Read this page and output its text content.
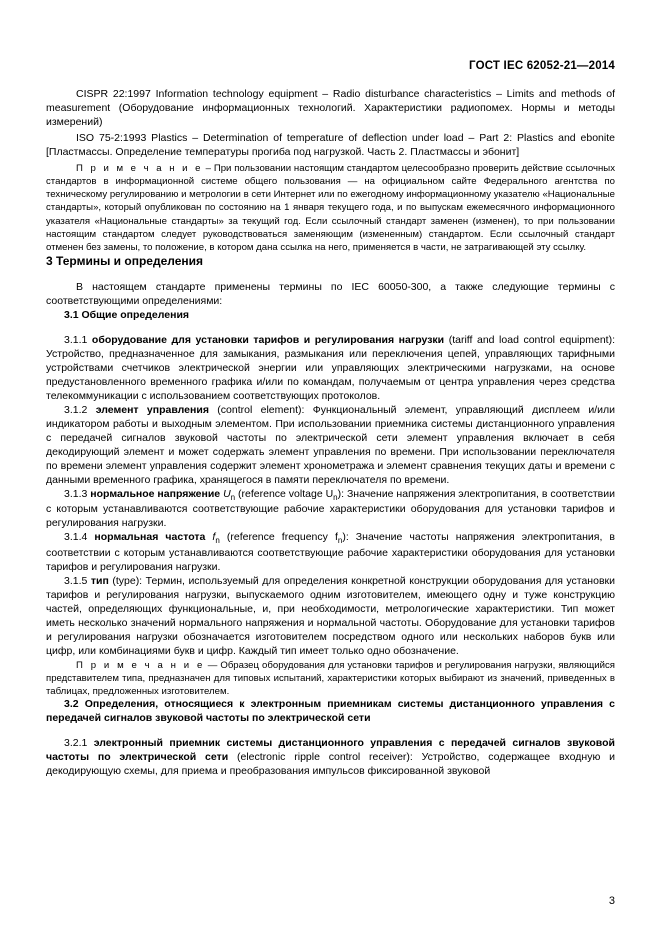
ГОСТ IEC 62052-21—2014

CISPR 22:1997 Information technology equipment – Radio disturbance characteristics – Limits and methods of measurement (Оборудование информационных технологий. Характеристики радиопомех. Нормы и методы измерений)

ISO 75-2:1993 Plastics – Determination of temperature of deflection under load – Part 2: Plastics and ebonite [Пластмассы. Определение температуры прогиба под нагрузкой. Часть 2. Пластмассы и эбонит]

П р и м е ч а н и е – При пользовании настоящим стандартом целесообразно проверить действие ссылочных стандартов в информационной системе общего пользования — на официальном сайте Федерального агентства по техническому регулированию и метрологии в сети Интернет или по ежегодному информационному указателю «Национальные стандарты», который опубликован по состоянию на 1 января текущего года, и по выпускам ежемесячного информационного указателя «Национальные стандарты» за текущий год. Если ссылочный стандарт заменен (изменен), то при пользовании настоящим стандартом следует руководствоваться заменяющим (измененным) стандартом. Если ссылочный стандарт отменен без замены, то положение, в котором дана ссылка на него, применяется в части, не затрагивающей эту ссылку.

3 Термины и определения

В настоящем стандарте применены термины по IEC 60050-300, а также следующие термины с соответствующими определениями:

3.1 Общие определения

3.1.1 оборудование для установки тарифов и регулирования нагрузки (tariff and load control equipment): Устройство, предназначенное для замыкания, размыкания или переключения цепей, управляющих тарифными устройствами счетчиков электрической энергии или управляющих электрическими нагрузками, на основе предустановленного временного графика и/или по командам, получаемым от центра управления через средства телекоммуникации с использованием соответствующих протоколов.

3.1.2 элемент управления (control element): Функциональный элемент, управляющий дисплеем и/или индикатором работы и выходным элементом. При использовании приемника системы дистанционного управления с передачей сигналов звуковой частоты по электрической сети элемент управления включает в себя декодирующий элемент и может содержать элемент управления по времени. При использовании переключателя по времени элемент управления содержит элемент хронометража и элемент сравнения текущих даты и времени с данными временного графика, хранящегося в памяти переключателя по времени.

3.1.3 нормальное напряжение $U_n$ (reference voltage $U_n$): Значение напряжения электропитания, в соответствии с которым устанавливаются соответствующие рабочие характеристики оборудования для установки тарифов и регулирования нагрузки.

3.1.4 нормальная частота $f_n$ (reference frequency $f_n$): Значение частоты напряжения электропитания, в соответствии с которым устанавливаются соответствующие рабочие характеристики оборудования для установки тарифов и регулирования нагрузки.

3.1.5 тип (type): Термин, используемый для определения конкретной конструкции оборудования для установки тарифов и регулирования нагрузки, выпускаемого одним изготовителем, имеющего одну и туже конструкцию частей, определяющих функциональные, и, при необходимости, метрологические характеристики. Тип может иметь несколько значений нормального напряжения и нормальной частоты. Оборудование для установки тарифов и регулирования нагрузки обозначается изготовителем посредством одного или нескольких наборов букв или цифр, или комбинациями букв и цифр. Каждый тип имеет только одно обозначение.

П р и м е ч а н и е — Образец оборудования для установки тарифов и регулирования нагрузки, являющийся представителем типа, предназначен для типовых испытаний, характеристики которых выбирают из значений, приведенных в таблицах, предложенных изготовителем.

3.2 Определения, относящиеся к электронным приемникам системы дистанционного управления с передачей сигналов звуковой частоты по электрической сети

3.2.1 электронный приемник системы дистанционного управления с передачей сигналов звуковой частоты по электрической сети (electronic ripple control receiver): Устройство, содержащее входную и декодирующую схемы, для приема и преобразования импульсов фиксированной звуковой

3
